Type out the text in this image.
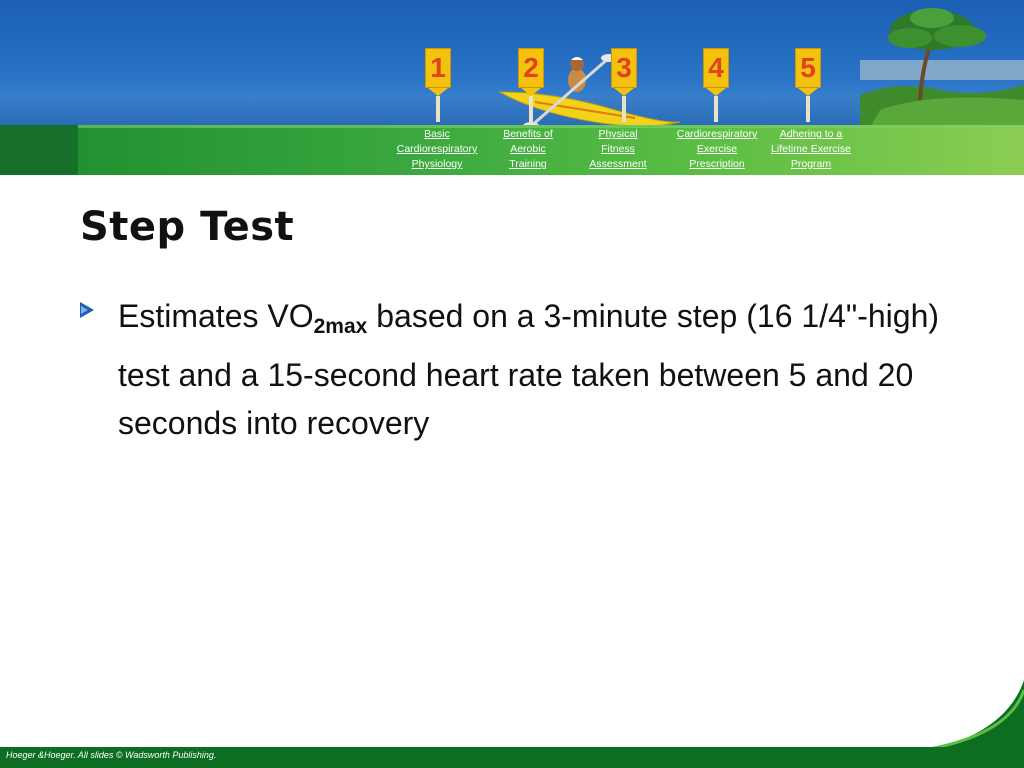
1	2	3	4	5
Basic
Cardiorespiratory
Physiology
Benefits of
Aerobic
Training
Physical
Fitness
Assessment
Cardiorespiratory
Exercise
Prescription
Adhering to a
Lifetime Exercise
Program
Step Test
Estimates $VO_{2max}$ based on a 3-minute step (16 1/4"-high) test and a 15-second heart rate taken between 5 and 20 seconds into recovery
Hoeger &Hoeger. All slides © Wadsworth Publishing.
